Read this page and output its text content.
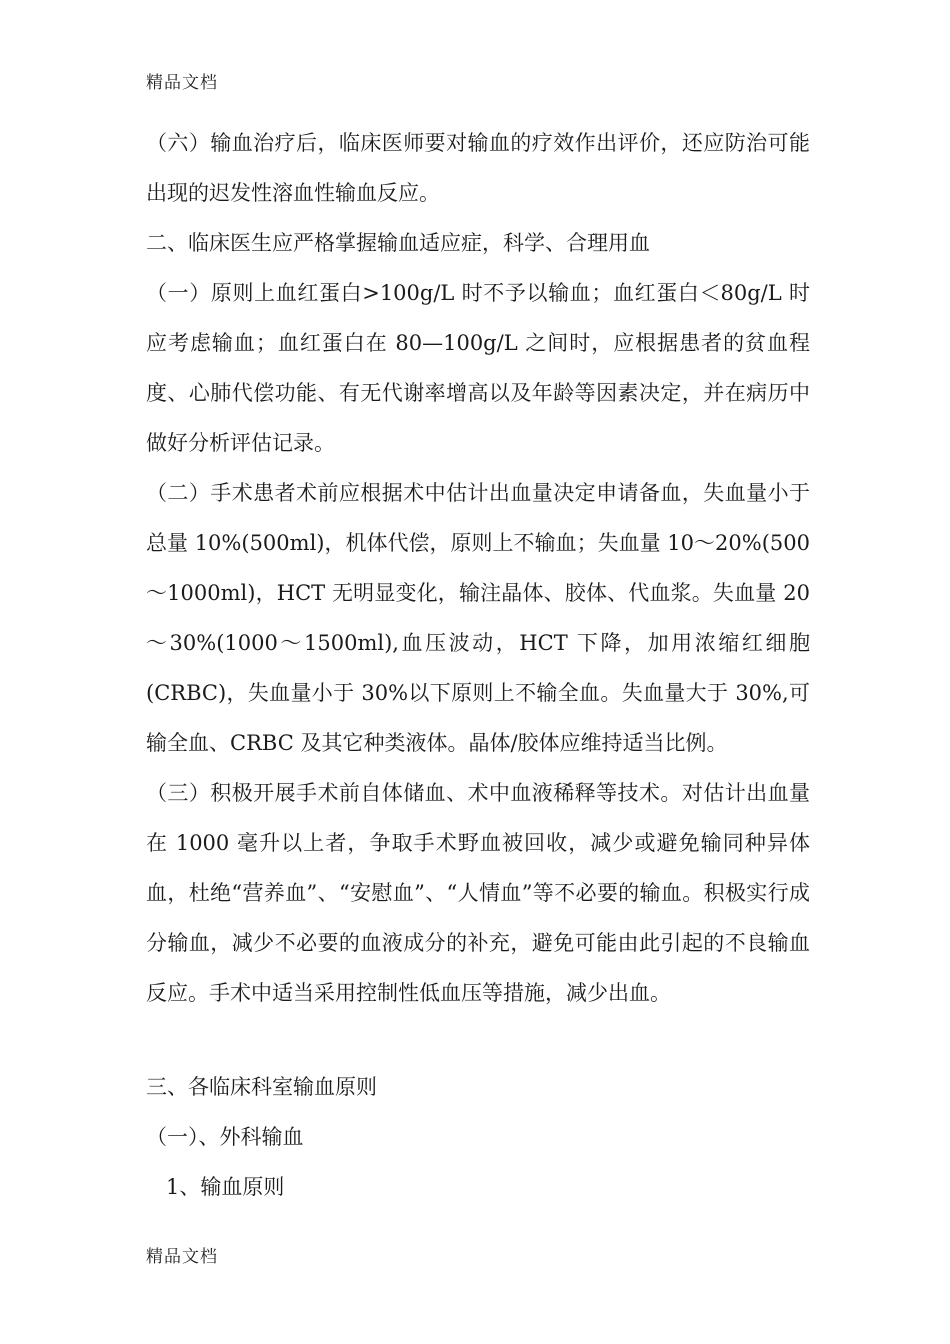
精品文档

（六）输血治疗后，临床医师要对输血的疗效作出评价，还应防治可能出现的迟发性溶血性输血反应。

二、临床医生应严格掌握输血适应症，科学、合理用血

（一）原则上血红蛋白>100g/L 时不予以输血；血红蛋白＜80g/L 时应考虑输血；血红蛋白在 80—100g/L 之间时，应根据患者的贫血程度、心肺代偿功能、有无代谢率增高以及年龄等因素决定，并在病历中做好分析评估记录。

（二）手术患者术前应根据术中估计出血量决定申请备血，失血量小于总量 10%(500ml)，机体代偿，原则上不输血；失血量 10～20%(500～1000ml)，HCT 无明显变化，输注晶体、胶体、代血浆。失血量 20～30%(1000～1500ml),血压波动，HCT 下降，加用浓缩红细胞(CRBC)，失血量小于 30%以下原则上不输全血。失血量大于 30%,可输全血、CRBC 及其它种类液体。晶体/胶体应维持适当比例。

（三）积极开展手术前自体储血、术中血液稀释等技术。对估计出血量在 1000 毫升以上者，争取手术野血被回收，减少或避免输同种异体血，杜绝“营养血”、“安慰血”、“人情血”等不必要的输血。积极实行成分输血，减少不必要的血液成分的补充，避免可能由此引起的不良输血反应。手术中适当采用控制性低血压等措施，减少出血。

三、各临床科室输血原则

（一）、外科输血

1、输血原则

精品文档
